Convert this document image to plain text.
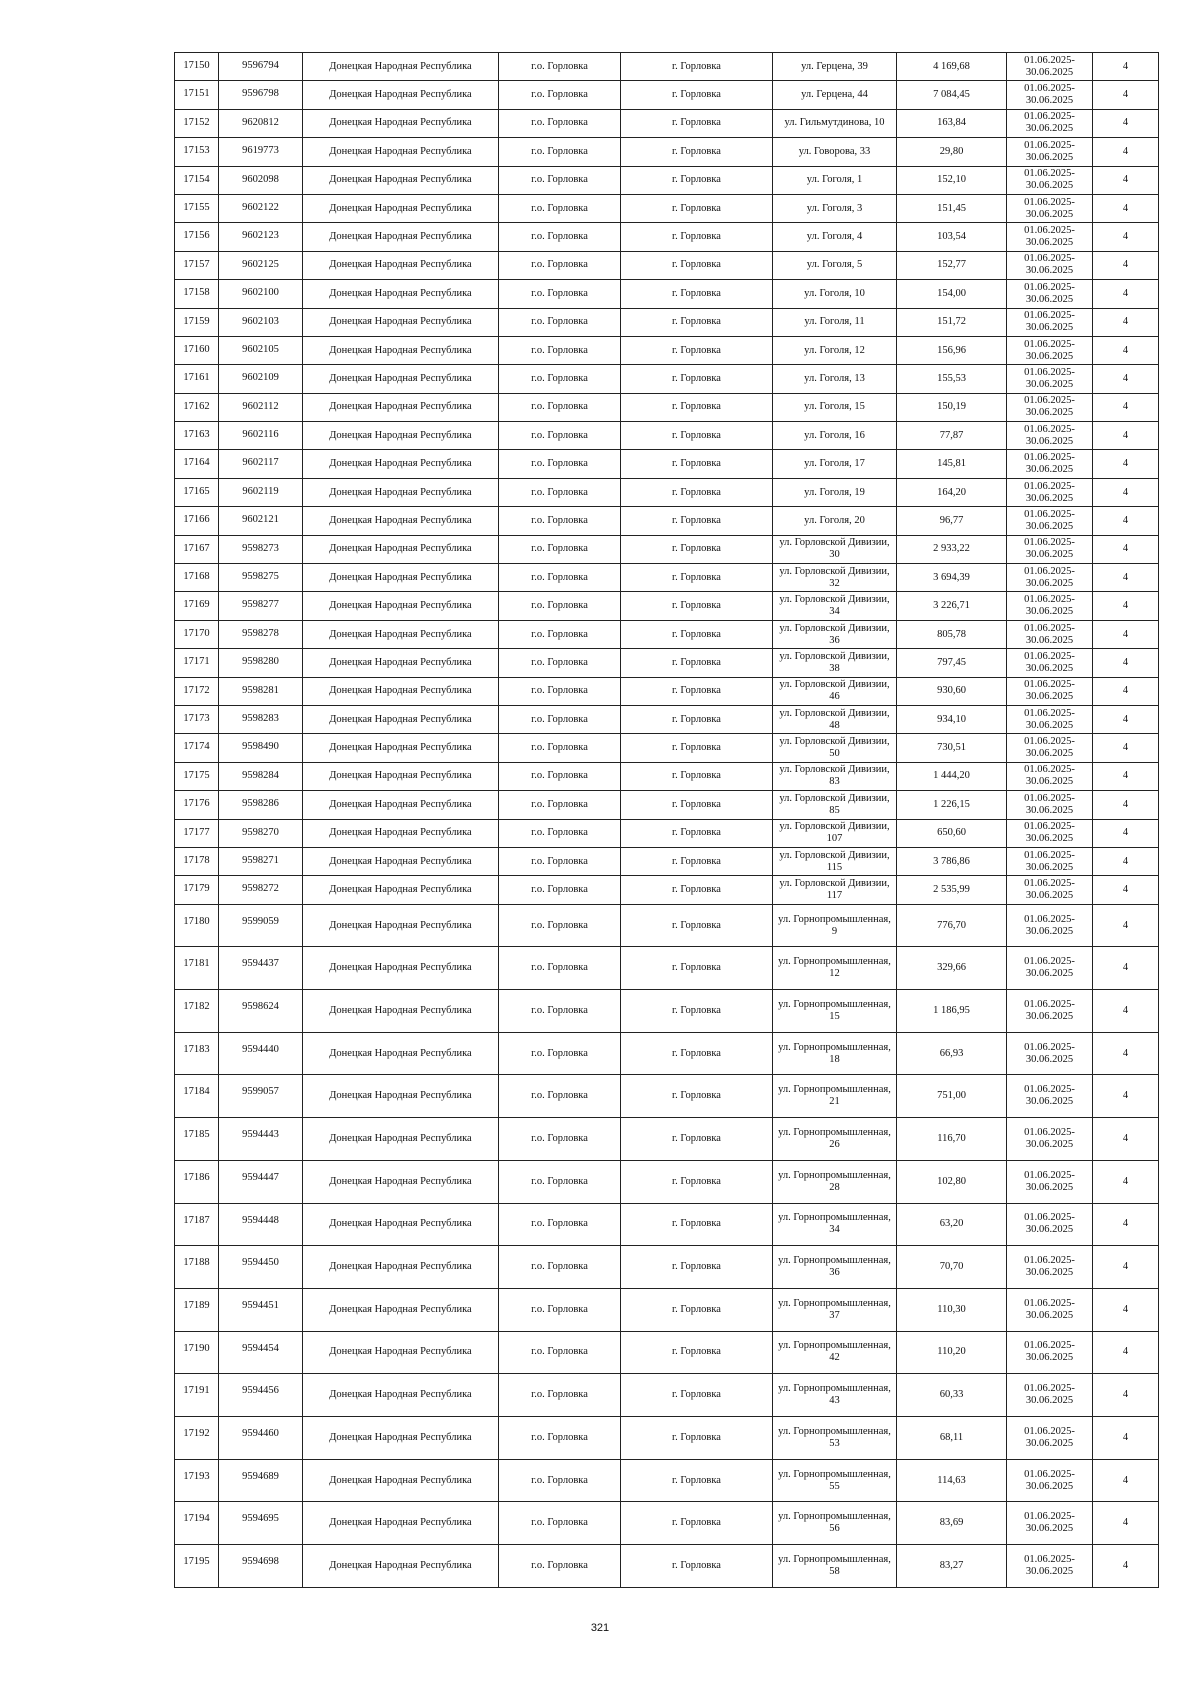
17150	9596794	Донецкая Народная Республика	г.о. Горловка	г. Горловка	ул. Герцена, 39	4 169,68	01.06.2025-30.06.2025	4
17151	9596798	Донецкая Народная Республика	г.о. Горловка	г. Горловка	ул. Герцена, 44	7 084,45	01.06.2025-30.06.2025	4
17152	9620812	Донецкая Народная Республика	г.о. Горловка	г. Горловка	ул. Гильмутдинова, 10	163,84	01.06.2025-30.06.2025	4
17153	9619773	Донецкая Народная Республика	г.о. Горловка	г. Горловка	ул. Говорова, 33	29,80	01.06.2025-30.06.2025	4
17154	9602098	Донецкая Народная Республика	г.о. Горловка	г. Горловка	ул. Гоголя, 1	152,10	01.06.2025-30.06.2025	4
17155	9602122	Донецкая Народная Республика	г.о. Горловка	г. Горловка	ул. Гоголя, 3	151,45	01.06.2025-30.06.2025	4
17156	9602123	Донецкая Народная Республика	г.о. Горловка	г. Горловка	ул. Гоголя, 4	103,54	01.06.2025-30.06.2025	4
17157	9602125	Донецкая Народная Республика	г.о. Горловка	г. Горловка	ул. Гоголя, 5	152,77	01.06.2025-30.06.2025	4
17158	9602100	Донецкая Народная Республика	г.о. Горловка	г. Горловка	ул. Гоголя, 10	154,00	01.06.2025-30.06.2025	4
17159	9602103	Донецкая Народная Республика	г.о. Горловка	г. Горловка	ул. Гоголя, 11	151,72	01.06.2025-30.06.2025	4
17160	9602105	Донецкая Народная Республика	г.о. Горловка	г. Горловка	ул. Гоголя, 12	156,96	01.06.2025-30.06.2025	4
17161	9602109	Донецкая Народная Республика	г.о. Горловка	г. Горловка	ул. Гоголя, 13	155,53	01.06.2025-30.06.2025	4
17162	9602112	Донецкая Народная Республика	г.о. Горловка	г. Горловка	ул. Гоголя, 15	150,19	01.06.2025-30.06.2025	4
17163	9602116	Донецкая Народная Республика	г.о. Горловка	г. Горловка	ул. Гоголя, 16	77,87	01.06.2025-30.06.2025	4
17164	9602117	Донецкая Народная Республика	г.о. Горловка	г. Горловка	ул. Гоголя, 17	145,81	01.06.2025-30.06.2025	4
17165	9602119	Донецкая Народная Республика	г.о. Горловка	г. Горловка	ул. Гоголя, 19	164,20	01.06.2025-30.06.2025	4
17166	9602121	Донецкая Народная Республика	г.о. Горловка	г. Горловка	ул. Гоголя, 20	96,77	01.06.2025-30.06.2025	4
17167	9598273	Донецкая Народная Республика	г.о. Горловка	г. Горловка	ул. Горловской Дивизии, 30	2 933,22	01.06.2025-30.06.2025	4
17168	9598275	Донецкая Народная Республика	г.о. Горловка	г. Горловка	ул. Горловской Дивизии, 32	3 694,39	01.06.2025-30.06.2025	4
17169	9598277	Донецкая Народная Республика	г.о. Горловка	г. Горловка	ул. Горловской Дивизии, 34	3 226,71	01.06.2025-30.06.2025	4
17170	9598278	Донецкая Народная Республика	г.о. Горловка	г. Горловка	ул. Горловской Дивизии, 36	805,78	01.06.2025-30.06.2025	4
17171	9598280	Донецкая Народная Республика	г.о. Горловка	г. Горловка	ул. Горловской Дивизии, 38	797,45	01.06.2025-30.06.2025	4
17172	9598281	Донецкая Народная Республика	г.о. Горловка	г. Горловка	ул. Горловской Дивизии, 46	930,60	01.06.2025-30.06.2025	4
17173	9598283	Донецкая Народная Республика	г.о. Горловка	г. Горловка	ул. Горловской Дивизии, 48	934,10	01.06.2025-30.06.2025	4
17174	9598490	Донецкая Народная Республика	г.о. Горловка	г. Горловка	ул. Горловской Дивизии, 50	730,51	01.06.2025-30.06.2025	4
17175	9598284	Донецкая Народная Республика	г.о. Горловка	г. Горловка	ул. Горловской Дивизии, 83	1 444,20	01.06.2025-30.06.2025	4
17176	9598286	Донецкая Народная Республика	г.о. Горловка	г. Горловка	ул. Горловской Дивизии, 85	1 226,15	01.06.2025-30.06.2025	4
17177	9598270	Донецкая Народная Республика	г.о. Горловка	г. Горловка	ул. Горловской Дивизии, 107	650,60	01.06.2025-30.06.2025	4
17178	9598271	Донецкая Народная Республика	г.о. Горловка	г. Горловка	ул. Горловской Дивизии, 115	3 786,86	01.06.2025-30.06.2025	4
17179	9598272	Донецкая Народная Республика	г.о. Горловка	г. Горловка	ул. Горловской Дивизии, 117	2 535,99	01.06.2025-30.06.2025	4
17180	9599059	Донецкая Народная Республика	г.о. Горловка	г. Горловка	ул. Горнопромышленная, 9	776,70	01.06.2025-30.06.2025	4
17181	9594437	Донецкая Народная Республика	г.о. Горловка	г. Горловка	ул. Горнопромышленная, 12	329,66	01.06.2025-30.06.2025	4
17182	9598624	Донецкая Народная Республика	г.о. Горловка	г. Горловка	ул. Горнопромышленная, 15	1 186,95	01.06.2025-30.06.2025	4
17183	9594440	Донецкая Народная Республика	г.о. Горловка	г. Горловка	ул. Горнопромышленная, 18	66,93	01.06.2025-30.06.2025	4
17184	9599057	Донецкая Народная Республика	г.о. Горловка	г. Горловка	ул. Горнопромышленная, 21	751,00	01.06.2025-30.06.2025	4
17185	9594443	Донецкая Народная Республика	г.о. Горловка	г. Горловка	ул. Горнопромышленная, 26	116,70	01.06.2025-30.06.2025	4
17186	9594447	Донецкая Народная Республика	г.о. Горловка	г. Горловка	ул. Горнопромышленная, 28	102,80	01.06.2025-30.06.2025	4
17187	9594448	Донецкая Народная Республика	г.о. Горловка	г. Горловка	ул. Горнопромышленная, 34	63,20	01.06.2025-30.06.2025	4
17188	9594450	Донецкая Народная Республика	г.о. Горловка	г. Горловка	ул. Горнопромышленная, 36	70,70	01.06.2025-30.06.2025	4
17189	9594451	Донецкая Народная Республика	г.о. Горловка	г. Горловка	ул. Горнопромышленная, 37	110,30	01.06.2025-30.06.2025	4
17190	9594454	Донецкая Народная Республика	г.о. Горловка	г. Горловка	ул. Горнопромышленная, 42	110,20	01.06.2025-30.06.2025	4
17191	9594456	Донецкая Народная Республика	г.о. Горловка	г. Горловка	ул. Горнопромышленная, 43	60,33	01.06.2025-30.06.2025	4
17192	9594460	Донецкая Народная Республика	г.о. Горловка	г. Горловка	ул. Горнопромышленная, 53	68,11	01.06.2025-30.06.2025	4
17193	9594689	Донецкая Народная Республика	г.о. Горловка	г. Горловка	ул. Горнопромышленная, 55	114,63	01.06.2025-30.06.2025	4
17194	9594695	Донецкая Народная Республика	г.о. Горловка	г. Горловка	ул. Горнопромышленная, 56	83,69	01.06.2025-30.06.2025	4
17195	9594698	Донецкая Народная Республика	г.о. Горловка	г. Горловка	ул. Горнопромышленная, 58	83,27	01.06.2025-30.06.2025	4
321
